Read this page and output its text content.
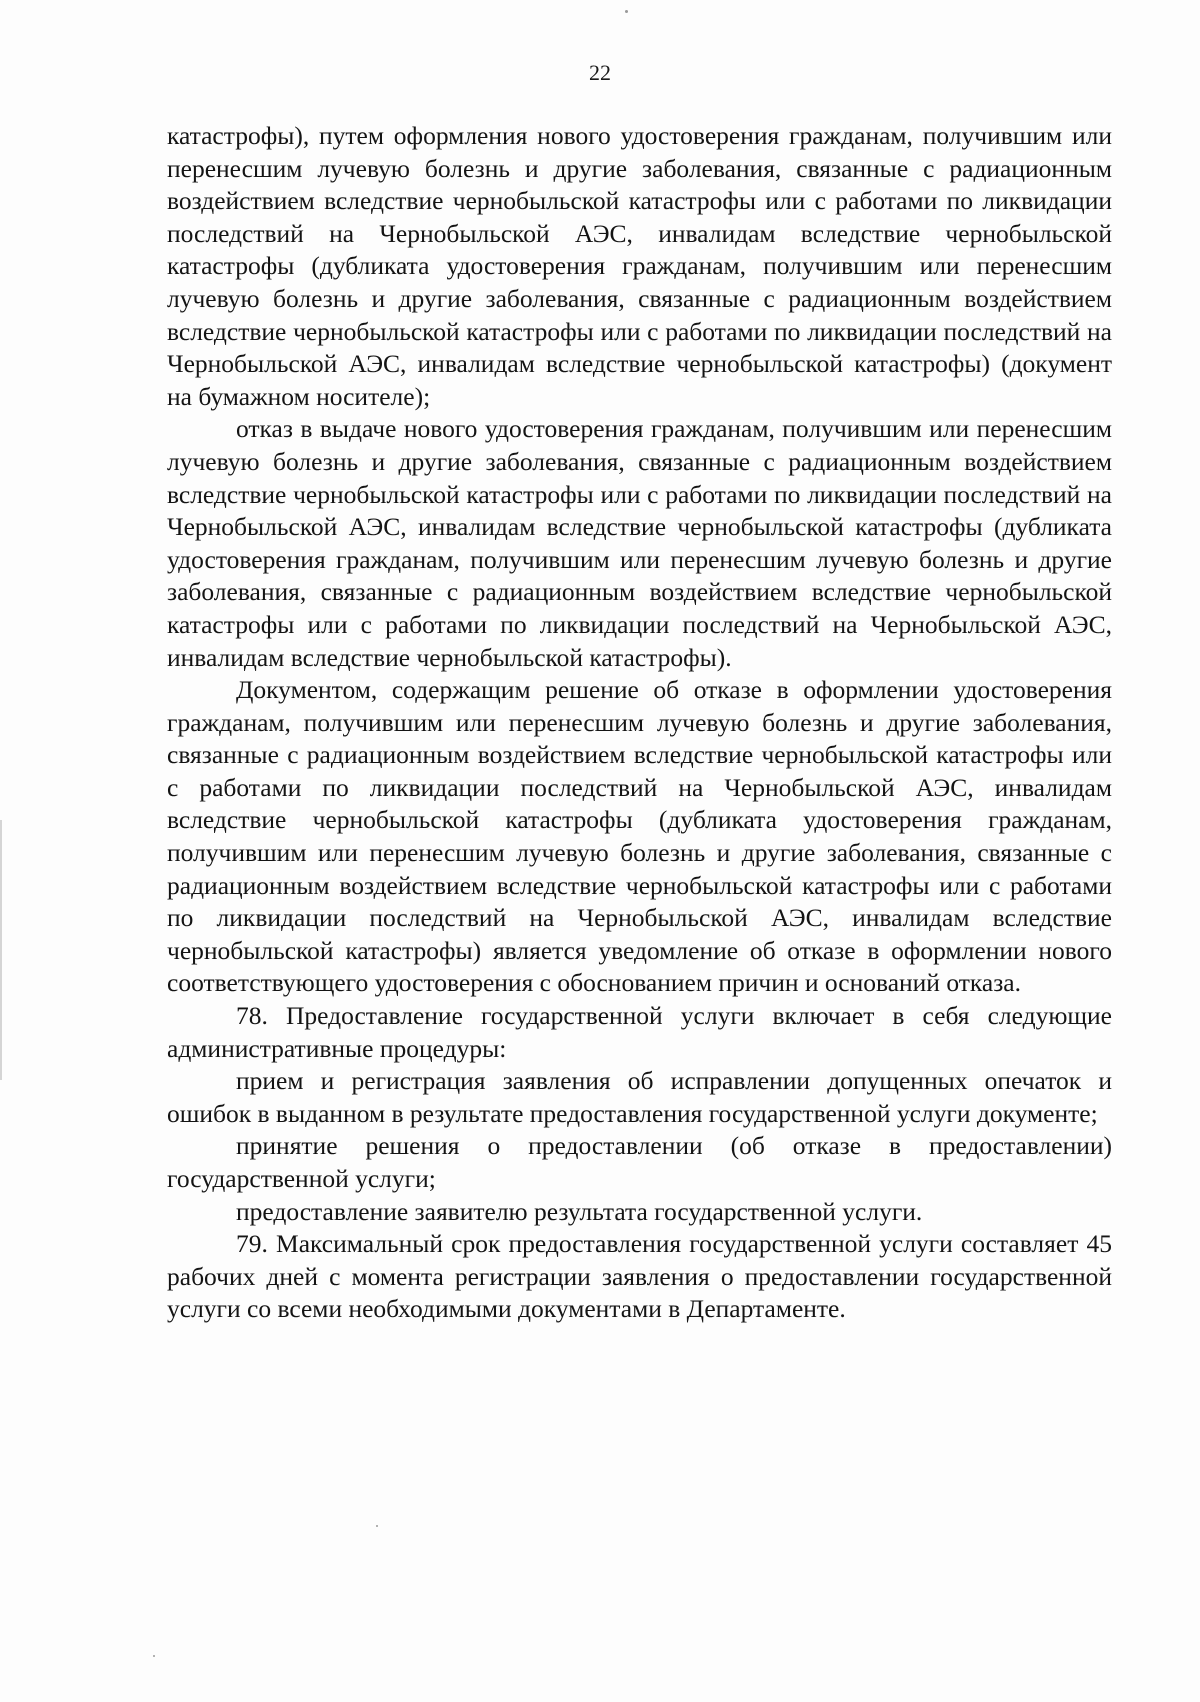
22

катастрофы), путем оформления нового удостоверения гражданам, получившим или перенесшим лучевую болезнь и другие заболевания, связанные с радиационным воздействием вследствие чернобыльской катастрофы или с работами по ликвидации последствий на Чернобыльской АЭС, инвалидам вследствие чернобыльской катастрофы (дубликата удостоверения гражданам, получившим или перенесшим лучевую болезнь и другие заболевания, связанные с радиационным воздействием вследствие чернобыльской катастрофы или с работами по ликвидации последствий на Чернобыльской АЭС, инвалидам вследствие чернобыльской катастрофы) (документ на бумажном носителе);

отказ в выдаче нового удостоверения гражданам, получившим или перенесшим лучевую болезнь и другие заболевания, связанные с радиационным воздействием вследствие чернобыльской катастрофы или с работами по ликвидации последствий на Чернобыльской АЭС, инвалидам вследствие чернобыльской катастрофы (дубликата удостоверения гражданам, получившим или перенесшим лучевую болезнь и другие заболевания, связанные с радиационным воздействием вследствие чернобыльской катастрофы или с работами по ликвидации последствий на Чернобыльской АЭС, инвалидам вследствие чернобыльской катастрофы).

Документом, содержащим решение об отказе в оформлении удостоверения гражданам, получившим или перенесшим лучевую болезнь и другие заболевания, связанные с радиационным воздействием вследствие чернобыльской катастрофы или с работами по ликвидации последствий на Чернобыльской АЭС, инвалидам вследствие чернобыльской катастрофы (дубликата удостоверения гражданам, получившим или перенесшим лучевую болезнь и другие заболевания, связанные с радиационным воздействием вследствие чернобыльской катастрофы или с работами по ликвидации последствий на Чернобыльской АЭС, инвалидам вследствие чернобыльской катастрофы) является уведомление об отказе в оформлении нового соответствующего удостоверения с обоснованием причин и оснований отказа.

78. Предоставление государственной услуги включает в себя следующие административные процедуры:

прием и регистрация заявления об исправлении допущенных опечаток и ошибок в выданном в результате предоставления государственной услуги документе;

принятие решения о предоставлении (об отказе в предоставлении) государственной услуги;

предоставление заявителю результата государственной услуги.

79. Максимальный срок предоставления государственной услуги составляет 45 рабочих дней с момента регистрации заявления о предоставлении государственной услуги со всеми необходимыми документами в Департаменте.
